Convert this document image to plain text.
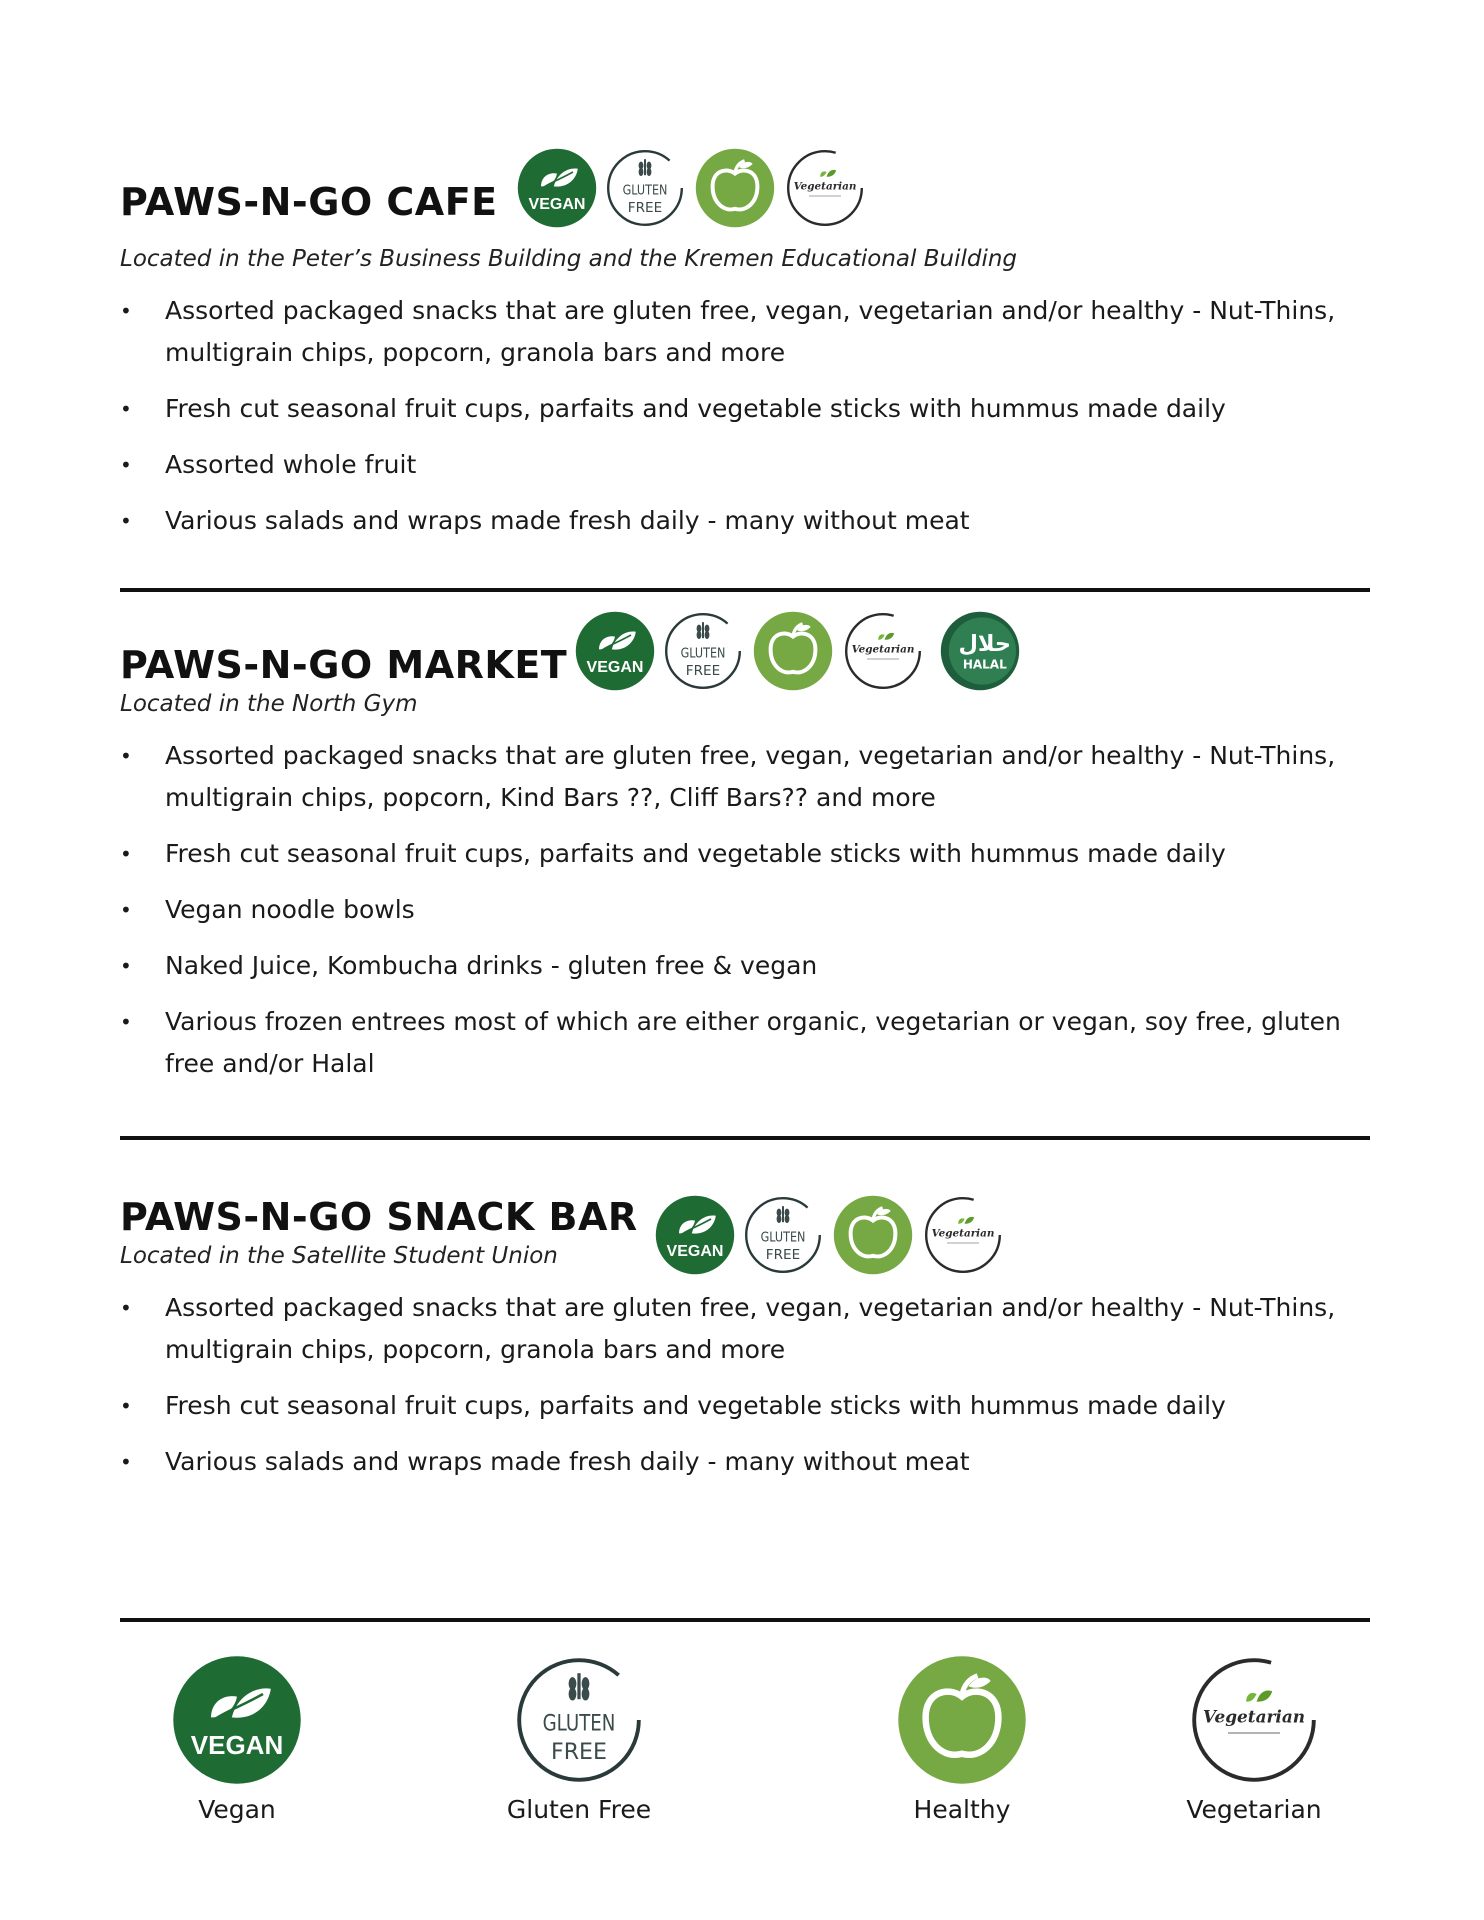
PAWS-N-GO CAFE

Located in the Peter’s Business Building and the Kremen Educational Building

• Assorted packaged snacks that are gluten free, vegan, vegetarian and/or healthy - Nut-Thins, multigrain chips, popcorn, granola bars and more
• Fresh cut seasonal fruit cups, parfaits and vegetable sticks with hummus made daily
• Assorted whole fruit
• Various salads and wraps made fresh daily - many without meat
PAWS-N-GO MARKET

Located in the North Gym

• Assorted packaged snacks that are gluten free, vegan, vegetarian and/or healthy - Nut-Thins, multigrain chips, popcorn, Kind Bars ??, Cliff Bars?? and more
• Fresh cut seasonal fruit cups, parfaits and vegetable sticks with hummus made daily
• Vegan noodle bowls
• Naked Juice, Kombucha drinks - gluten free & vegan
• Various frozen entrees most of which are either organic, vegetarian or vegan, soy free, gluten free and/or Halal
PAWS-N-GO SNACK BAR

Located in the Satellite Student Union

• Assorted packaged snacks that are gluten free, vegan, vegetarian and/or healthy - Nut-Thins, multigrain chips, popcorn, granola bars and more
• Fresh cut seasonal fruit cups, parfaits and vegetable sticks with hummus made daily
• Various salads and wraps made fresh daily - many without meat
Vegan	Gluten Free	Healthy	Vegetarian
